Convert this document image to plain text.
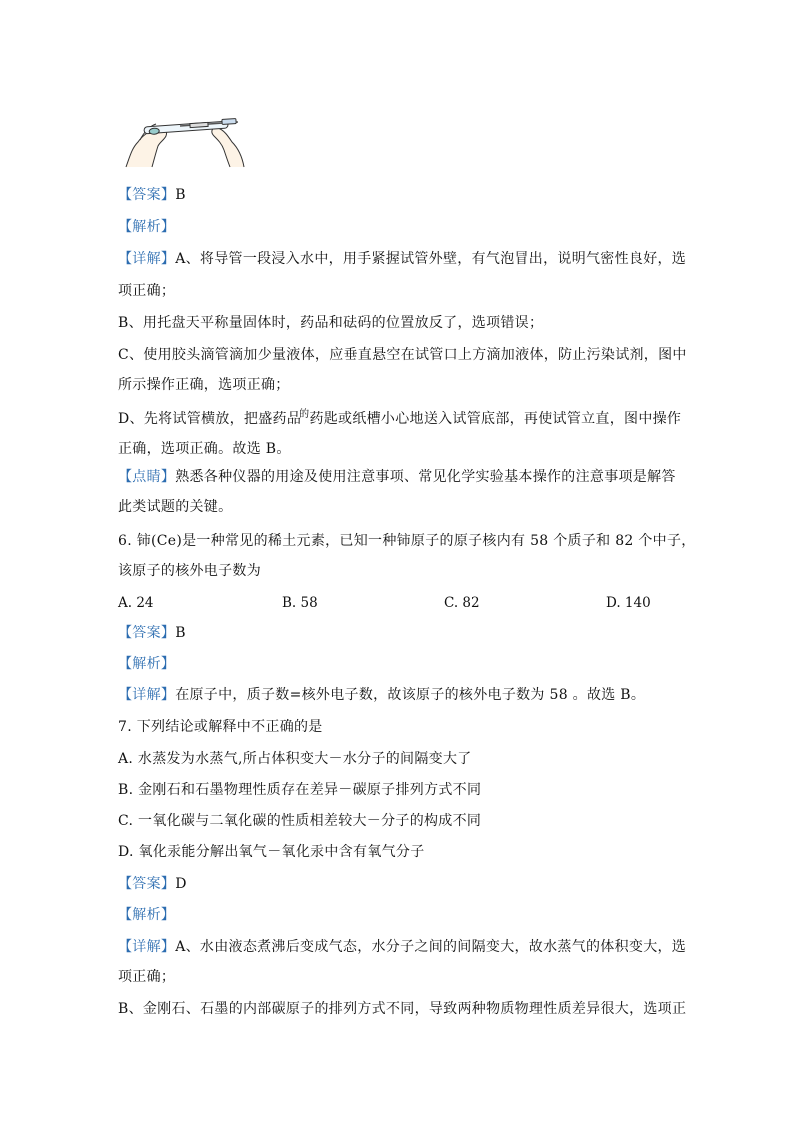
【答案】B
【解析】
【详解】A、将导管一段浸入水中，用手紧握试管外壁，有气泡冒出，说明气密性良好，选
项正确；
B、用托盘天平称量固体时，药品和砝码的位置放反了，选项错误；
C、使用胶头滴管滴加少量液体，应垂直悬空在试管口上方滴加液体，防止污染试剂，图中
所示操作正确，选项正确；
D、先将试管横放，把盛药品$^的$药匙或纸槽小心地送入试管底部，再使试管立直，图中操作
正确，选项正确。故选 B。
【点睛】熟悉各种仪器的用途及使用注意事项、常见化学实验基本操作的注意事项是解答
此类试题的关键。
6. 铈(Ce)是一种常见的稀土元素，已知一种铈原子的原子核内有 58 个质子和 82 个中子，
该原子的核外电子数为
A. 24	B. 58	C. 82	D. 140
【答案】B
【解析】
【详解】在原子中，质子数=核外电子数，故该原子的核外电子数为 58 。故选 B。
7. 下列结论或解释中不正确的是
A. 水蒸发为水蒸气,所占体积变大－水分子的间隔变大了
B. 金刚石和石墨物理性质存在差异－碳原子排列方式不同
C. 一氧化碳与二氧化碳的性质相差较大－分子的构成不同
D. 氧化汞能分解出氧气－氧化汞中含有氧气分子
【答案】D
【解析】
【详解】A、水由液态煮沸后变成气态，水分子之间的间隔变大，故水蒸气的体积变大，选
项正确；
B、金刚石、石墨的内部碳原子的排列方式不同，导致两种物质物理性质差异很大，选项正
